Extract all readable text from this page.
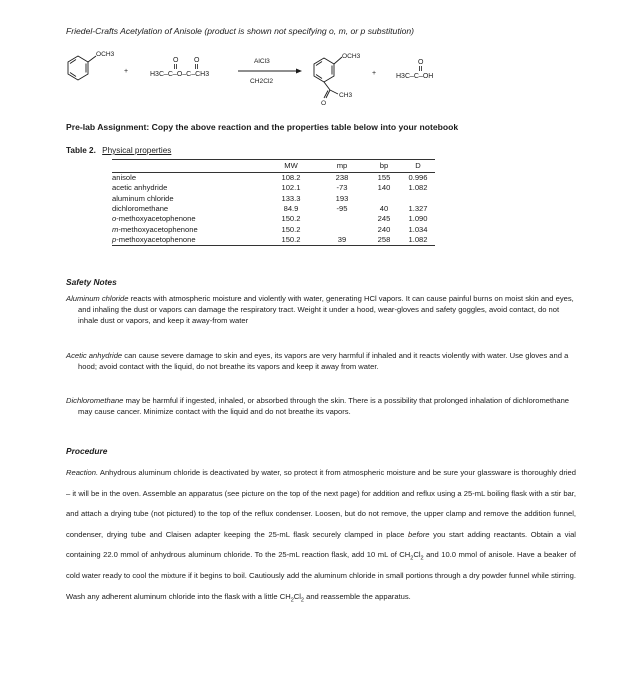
Friedel-Crafts Acetylation of Anisole (product is shown not specifying o, m, or p substitution)
OCH3
+	H3C–C–O–C–CH3
O O	AlCl3
CH2Cl2
OCH3
CH3
O
+	H3C–C–OH
O
Pre-lab Assignment: Copy the above reaction and the properties table below into your notebook
Table 2. Physical properties
	MW	mp	bp	D
anisole	108.2	238	155	0.996
acetic anhydride	102.1	-73	140	1.082
aluminum chloride	133.3	193		
dichloromethane	84.9	-95	40	1.327
o-methoxyacetophenone	150.2		245	1.090
m-methoxyacetophenone	150.2		240	1.034
p-methoxyacetophenone	150.2	39	258	1.082
Safety Notes

Aluminum chloride reacts with atmospheric moisture and violently with water, generating HCl vapors. It can cause painful burns on moist skin and eyes, and inhaling the dust or vapors can damage the respiratory tract. Weight it under a hood, wear-gloves and safety goggles, avoid contact, do not inhale dust or vapors, and keep it away-from water

Acetic anhydride can cause severe damage to skin and eyes, its vapors are very harmful if inhaled and it reacts violently with water. Use gloves and a hood; avoid contact with the liquid, do not breathe its vapors and keep it away from water.

Dichloromethane may be harmful if ingested, inhaled, or absorbed through the skin. There is a possibility that prolonged inhalation of dichloromethane may cause cancer. Minimize contact with the liquid and do not breathe its vapors.

Procedure
Reaction. Anhydrous aluminum chloride is deactivated by water, so protect it from atmospheric moisture and be sure your glassware is thoroughly dried – it will be in the oven. Assemble an apparatus (see picture on the top of the next page) for addition and reflux using a 25-mL boiling flask with a stir bar, and attach a drying tube (not pictured) to the top of the reflux condenser. Loosen, but do not remove, the upper clamp and remove the addition funnel, condenser, drying tube and Claisen adapter keeping the 25-mL flask securely clamped in place before you start adding reactants. Obtain a vial containing 22.0 mmol of anhydrous aluminum chloride. To the 25-mL reaction flask, add 10 mL of $CH_2Cl_2$ and 10.0 mmol of anisole. Have a beaker of cold water ready to cool the mixture if it begins to boil. Cautiously add the aluminum chloride in small portions through a dry powder funnel while stirring. Wash any adherent aluminum chloride into the flask with a little $CH_2Cl_2$ and reassemble the apparatus.
